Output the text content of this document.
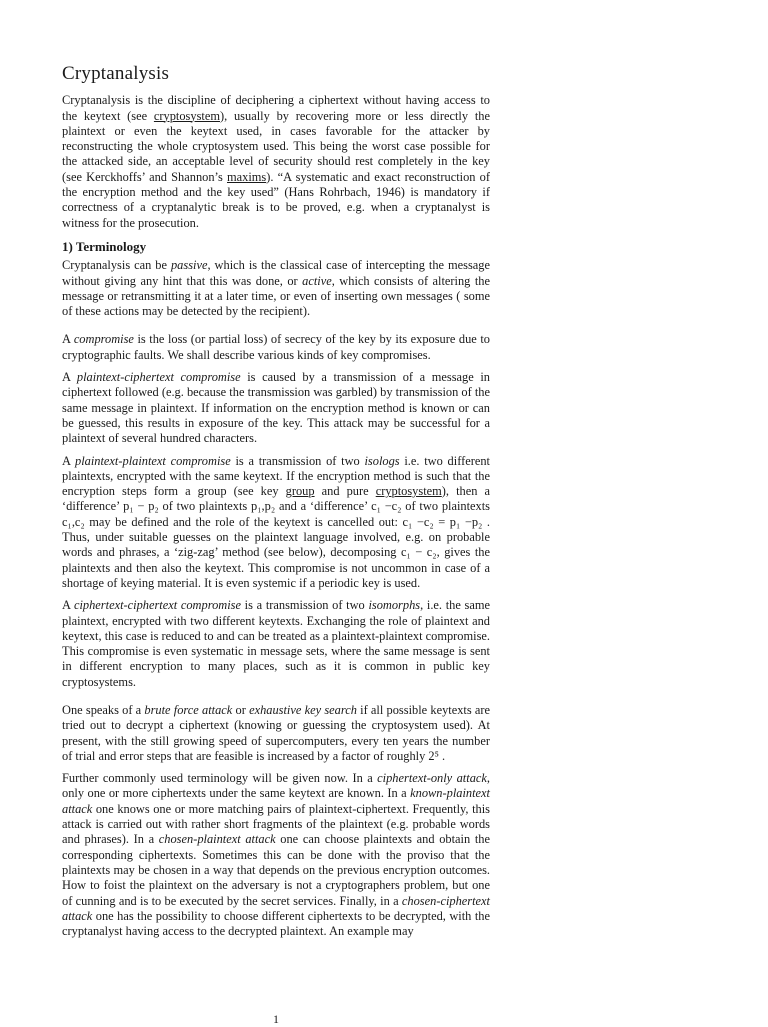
Cryptanalysis

Cryptanalysis is the discipline of deciphering a ciphertext without having access to the keytext (see cryptosystem), usually by recovering more or less directly the plaintext or even the keytext used, in cases favorable for the attacker by reconstructing the whole cryptosystem used. This being the worst case possible for the attacked side, an acceptable level of security should rest completely in the key (see Kerckhoffs’ and Shannon’s maxims). “A systematic and exact reconstruction of the encryption method and the key used” (Hans Rohrbach, 1946) is mandatory if correctness of a cryptanalytic break is to be proved, e.g. when a cryptanalyst is witness for the prosecution.

1) Terminology

Cryptanalysis can be passive, which is the classical case of intercepting the message without giving any hint that this was done, or active, which consists of altering the message or retransmitting it at a later time, or even of inserting own messages ( some of these actions may be detected by the recipient).

A compromise is the loss (or partial loss) of secrecy of the key by its exposure due to cryptographic faults. We shall describe various kinds of key compromises.

A plaintext-ciphertext compromise is caused by a transmission of a message in ciphertext followed (e.g. because the transmission was garbled) by transmission of the same message in plaintext. If information on the encryption method is known or can be guessed, this results in exposure of the key. This attack may be successful for a plaintext of several hundred characters.

A plaintext-plaintext compromise is a transmission of two isologs i.e. two different plaintexts, encrypted with the same keytext. If the encryption method is such that the encryption steps form a group (see key group and pure cryptosystem), then a ‘difference’ p₁ − p₂ of two plaintexts p₁,p₂ and a ‘difference’ c₁ −c₂ of two plaintexts c₁,c₂ may be defined and the role of the keytext is cancelled out: c₁ −c₂ = p₁ −p₂ . Thus, under suitable guesses on the plaintext language involved, e.g. on probable words and phrases, a ‘zig-zag’ method (see below), decomposing c₁ − c₂, gives the plaintexts and then also the keytext. This compromise is not uncommon in case of a shortage of keying material. It is even systemic if a periodic key is used.

A ciphertext-ciphertext compromise is a transmission of two isomorphs, i.e. the same plaintext, encrypted with two different keytexts. Exchanging the role of plaintext and keytext, this case is reduced to and can be treated as a plaintext-plaintext compromise. This compromise is even systematic in message sets, where the same message is sent in different encryption to many places, such as it is common in public key cryptosystems.

One speaks of a brute force attack or exhaustive key search if all possible keytexts are tried out to decrypt a ciphertext (knowing or guessing the cryptosystem used). At present, with the still growing speed of supercomputers, every ten years the number of trial and error steps that are feasible is increased by a factor of roughly 2⁵ .

Further commonly used terminology will be given now. In a ciphertext-only attack, only one or more ciphertexts under the same keytext are known. In a known-plaintext attack one knows one or more matching pairs of plaintext-ciphertext. Frequently, this attack is carried out with rather short fragments of the plaintext (e.g. probable words and phrases). In a chosen-plaintext attack one can choose plaintexts and obtain the corresponding ciphertexts. Sometimes this can be done with the proviso that the plaintexts may be chosen in a way that depends on the previous encryption outcomes. How to foist the plaintext on the adversary is not a cryptographers problem, but one of cunning and is to be executed by the secret services. Finally, in a chosen-ciphertext attack one has the possibility to choose different ciphertexts to be decrypted, with the cryptanalyst having access to the decrypted plaintext. An example may

1
